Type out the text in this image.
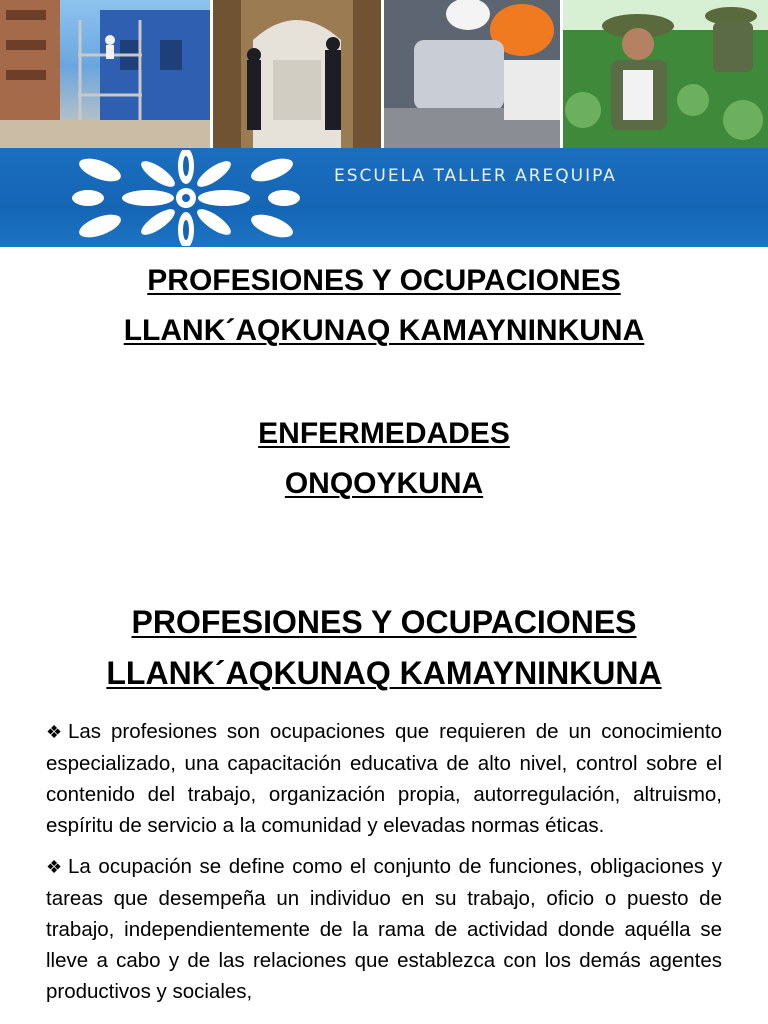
ESCUELA TALLER AREQUIPA
PROFESIONES Y OCUPACIONES
LLANK´AQKUNAQ KAMAYNINKUNA
ENFERMEDADES
ONQOYKUNA
PROFESIONES Y OCUPACIONES
LLANK´AQKUNAQ KAMAYNINKUNA

❖ Las profesiones son ocupaciones que requieren de un conocimiento especializado, una capacitación educativa de alto nivel, control sobre el contenido del trabajo, organización propia, autorregulación, altruismo, espíritu de servicio a la comunidad y elevadas normas éticas.

❖ La ocupación se define como el conjunto de funciones, obligaciones y tareas que desempeña un individuo en su trabajo, oficio o puesto de trabajo, independientemente de la rama de actividad donde aquélla se lleve a cabo y de las relaciones que establezca con los demás agentes productivos y sociales,
